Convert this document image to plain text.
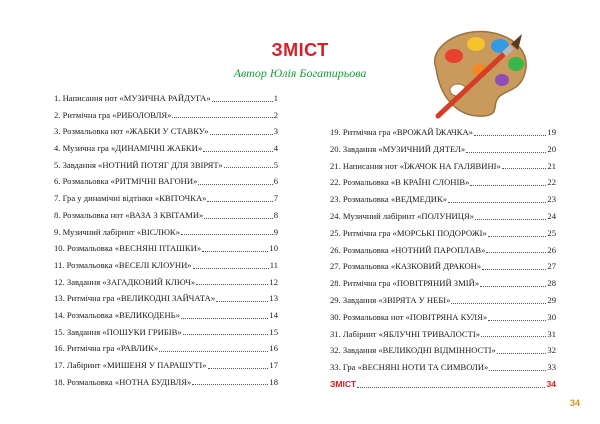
ЗМІСТ
Автор Юлія Богатирьова
1. Написання нот «МУЗИЧНА РАЙДУГА»	1
2. Ритмічна гра «РИБОЛОВЛЯ»	2
3. Розмальовка нот «ЖАБКИ У СТАВКУ»	3
4. Музична гра «ДИНАМІЧНІ ЖАБКИ»	4
5. Завдання «НОТНИЙ ПОТЯГ ДЛЯ ЗВІРЯТ»	5
6. Розмальовка «РИТМІЧНІ ВАГОНИ»	6
7. Гра у динамічні відтінки «КВІТОЧКА»	7
8. Розмальовка нот «ВАЗА З КВІТАМИ»	8
9. Музичний лабіринт «ВІСЛЮК»	9
10. Розмальовка «ВЕСНЯНІ ПТАШКИ»	10
11. Розмальовка «ВЕСЕЛІ КЛОУНИ»	11
12. Завдання «ЗАГАДКОВИЙ КЛЮЧ»	12
13. Ритмічна гра «ВЕЛИКОДНІ ЗАЙЧАТА»	13
14. Розмальовка «ВЕЛИКОДЕНЬ»	14
15. Завдання «ПОШУКИ ГРИБІВ»	15
16. Ритмічна гра «РАВЛИК»	16
17. Лабіринт «МИШЕНЯ У ПАРАШУТІ»	17
18. Розмальовка «НОТНА БУДІВЛЯ»	18
19. Ритмічна гра «ВРОЖАЙ ЇЖАЧКА»	19
20. Завдання «МУЗИЧНИЙ ДЯТЕЛ»	20
21. Написання нот «ЇЖАЧОК НА ГАЛЯВИНІ»	21
22. Розмальовка «В КРАЇНІ СЛОНІВ»	22
23. Розмальовка «ВЕДМЕДИК»	23
24. Музичний лабіринт «ПОЛУНИЦЯ»	24
25. Ритмічна гра «МОРСЬКІ ПОДОРОЖІ»	25
26. Розмальовка «НОТНИЙ ПАРОПЛАВ»	26
27. Розмальовка «КАЗКОВИЙ ДРАКОН»	27
28. Ритмічна гра «ПОВІТРЯНИЙ ЗМІЙ»	28
29. Завдання «ЗВІРЯТА У НЕБІ»	29
30. Розмальовка нот «ПОВІТРЯНА КУЛЯ»	30
31. Лабіринт «ЯБЛУЧНІ ТРИВАЛОСТІ»	31
32. Завдання «ВЕЛИКОДНІ ВІДМІННОСТІ»	32
33. Гра «ВЕСНЯНІ НОТИ ТА СИМВОЛИ»	33
ЗМІСТ	34
34
